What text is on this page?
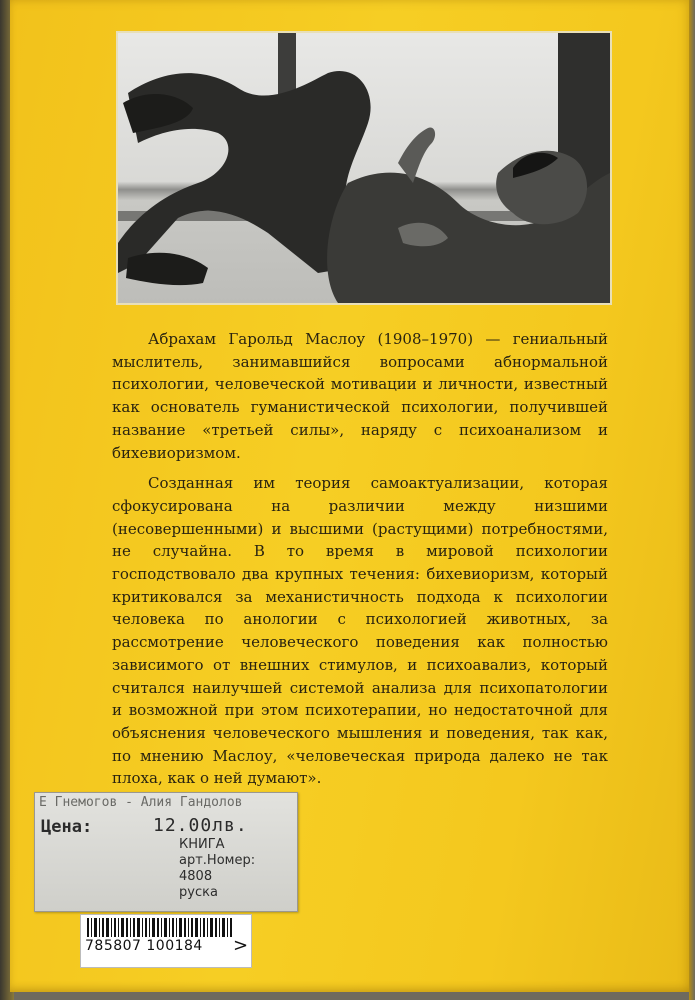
Абрахам Гарольд Маслоу (1908–1970) — гениальный мыслитель, занимавшийся вопросами абнормальной психологии, человеческой мотивации и личности, известный как основатель гуманистической психологии, получившей название «третьей силы», наряду с психоанализом и бихевиоризмом.

Созданная им теория самоактуализации, которая сфокусирована на различии между низшими (несовершенными) и высшими (растущими) потребностями, не случайна. В то время в мировой психологии господствовало два крупных течения: бихевиоризм, который критиковался за механистичность подхода к психологии человека по анологии с психологией животных, за рассмотрение человеческого поведения как полностью зависимого от внешних стимулов, и психоавализ, который считался наилучшей системой анализа для психопатологии и возможной при этом психотерапии, но недостаточной для объяснения человеческого мышления и поведения, так как, по мнению Маслоу, «человеческая природа далеко не так плоха, как о ней думают».

Е Гнемогов - Алия Гандолов
Цена:	12.00лв.
КНИГА
арт.Номер:
4808
руска
785807 100184	>
